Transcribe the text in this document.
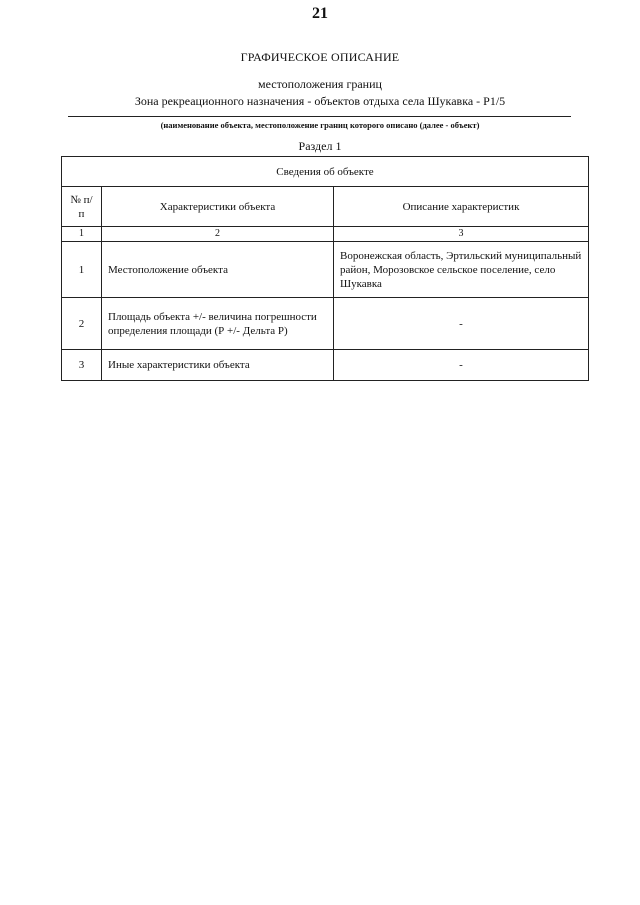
21
ГРАФИЧЕСКОЕ ОПИСАНИЕ
местоположения границ
Зона рекреационного назначения - объектов отдыха села Шукавка - Р1/5
(наименование объекта, местоположение границ которого описано (далее - объект)
Раздел 1
Сведения об объекте		
№ п/п	Характеристики объекта	Описание характеристик
1	2	3
1	Местоположение объекта	Воронежская область, Эртильский муниципальный район, Морозовское сельское поселение, село Шукавка
2	Площадь объекта +/- величина погрешности определения площади (Р +/- Дельта Р)	-
3	Иные характеристики объекта	-
